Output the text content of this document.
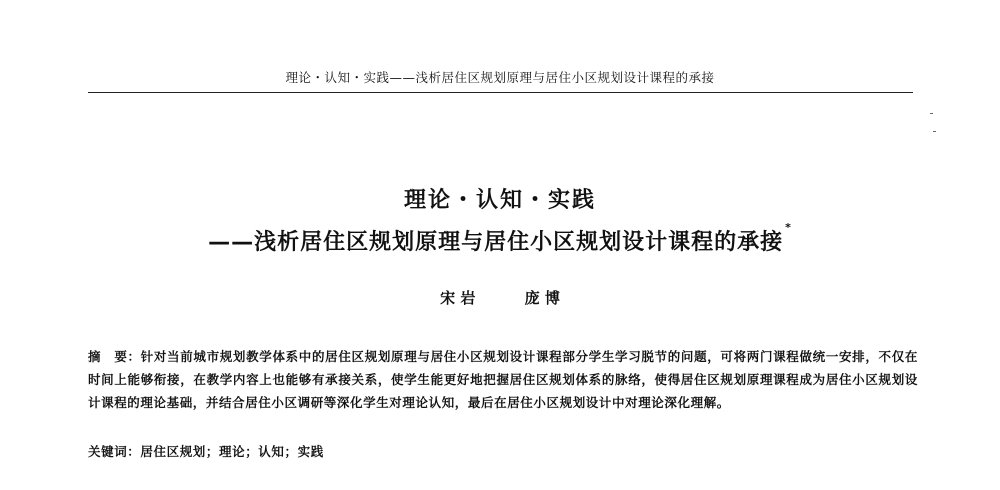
理论・认知・实践——浅析居住区规划原理与居住小区规划设计课程的承接
理论・认知・实践
——浅析居住区规划原理与居住小区规划设计课程的承接*
宋 岩	庞 博
摘　要：针对当前城市规划教学体系中的居住区规划原理与居住小区规划设计课程部分学生学习脱节的问题，可将两门课程做统一安排，不仅在时间上能够衔接，在教学内容上也能够有承接关系，使学生能更好地把握居住区规划体系的脉络，使得居住区规划原理课程成为居住小区规划设计课程的理论基础，并结合居住小区调研等深化学生对理论认知，最后在居住小区规划设计中对理论深化理解。
关键词：居住区规划；理论；认知；实践
